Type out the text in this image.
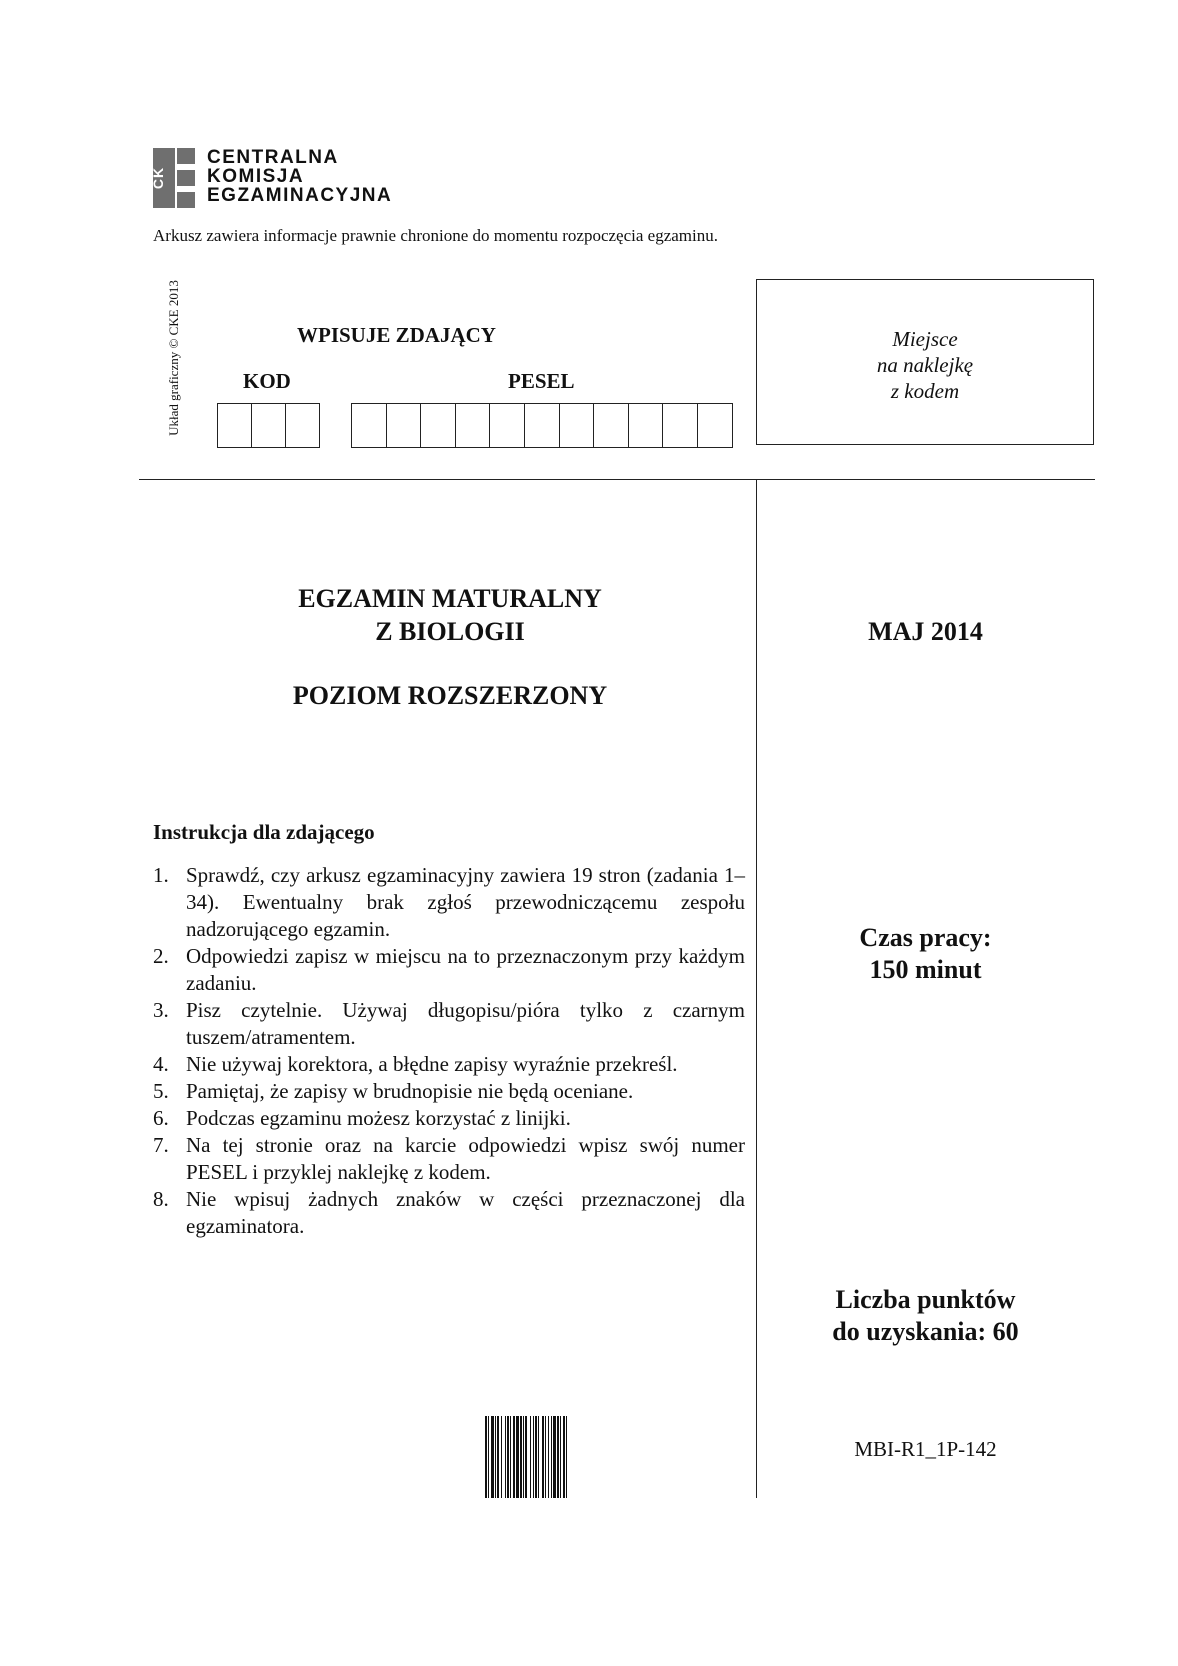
CK
CENTRALNA
KOMISJA
EGZAMINACYJNA
Arkusz zawiera informacje prawnie chronione do momentu rozpoczęcia egzaminu.
Układ graficzny © CKE 2013	WPISUJE ZDAJĄCY
KOD	PESEL
Miejsce
na naklejkę
z kodem
EGZAMIN MATURALNY
Z BIOLOGII
POZIOM ROZSZERZONY
MAJ 2014
Instrukcja dla zdającego
1. Sprawdź, czy arkusz egzaminacyjny zawiera 19 stron (zadania 1–34). Ewentualny brak zgłoś przewodniczącemu zespołu nadzorującego egzamin.
2. Odpowiedzi zapisz w miejscu na to przeznaczonym przy każdym zadaniu.
3. Pisz czytelnie. Używaj długopisu/pióra tylko z czarnym tuszem/atramentem.
4. Nie używaj korektora, a błędne zapisy wyraźnie przekreśl.
5. Pamiętaj, że zapisy w brudnopisie nie będą oceniane.
6. Podczas egzaminu możesz korzystać z linijki.
7. Na tej stronie oraz na karcie odpowiedzi wpisz swój numer PESEL i przyklej naklejkę z kodem.
8. Nie wpisuj żadnych znaków w części przeznaczonej dla egzaminatora.
Czas pracy:
150 minut
Liczba punktów
do uzyskania: 60
MBI-R1_1P-142
